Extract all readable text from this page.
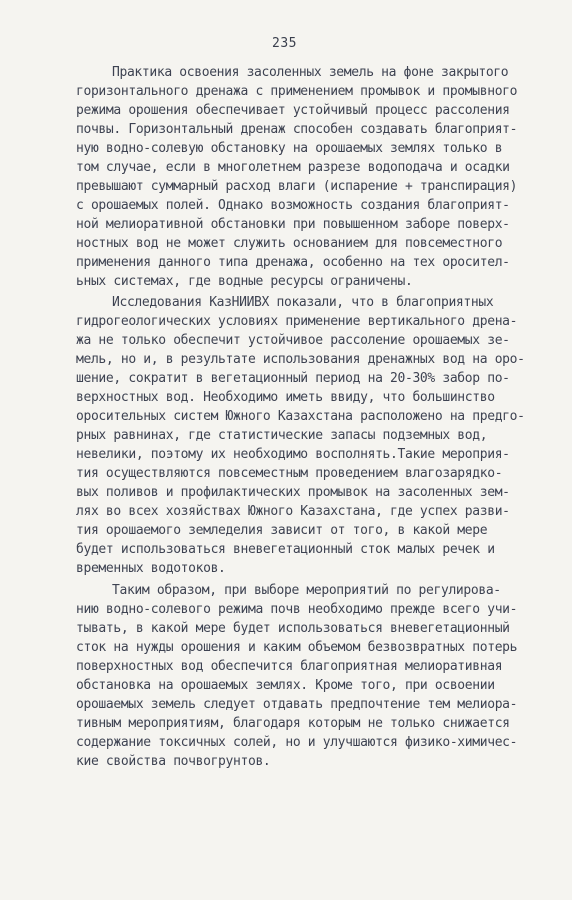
235
Практика освоения засоленных земель на фоне закрытого
горизонтального дренажа с применением промывок и промывного
режима орошения обеспечивает устойчивый процесс рассоления
почвы. Горизонтальный дренаж способен создавать благоприят-
ную водно-солевую обстановку на орошаемых землях только в
том случае, если в многолетнем разрезе водоподача и осадки
превышают суммарный расход влаги (испарение + транспирация)
с орошаемых полей. Однако возможность создания благоприят-
ной мелиоративной обстановки при повышенном заборе поверх-
ностных вод не может служить основанием для повсеместного
применения данного типа дренажа, особенно на тех оросител-
ьных системах, где водные ресурсы ограничены.
Исследования КазНИИВХ показали, что в благоприятных
гидрогеологических условиях применение вертикального дрена-
жа не только обеспечит устойчивое рассоление орошаемых зе-
мель, но и, в результате использования дренажных вод на оро-
шение, сократит в вегетационный период на 20-30% забор по-
верхностных вод. Необходимо иметь ввиду, что большинство
оросительных систем Южного Казахстана расположено на предго-
рных равнинах, где статистические запасы подземных вод,
невелики, поэтому их необходимо восполнять.Такие мероприя-
тия осуществляются повсеместным проведением влагозарядко-
вых поливов и профилактических промывок на засоленных зем-
лях во всех хозяйствах Южного Казахстана, где успех разви-
тия орошаемого земледелия зависит от того, в какой мере
будет использоваться вневегетационный сток малых речек и
временных водотоков.
Таким образом, при выборе мероприятий по регулирова-
нию водно-солевого режима почв необходимо прежде всего учи-
тывать, в какой мере будет использоваться вневегетационный
сток на нужды орошения и каким объемом безвозвратных потерь
поверхностных вод обеспечится благоприятная мелиоративная
обстановка на орошаемых землях. Кроме того, при освоении
орошаемых земель следует отдавать предпочтение тем мелиора-
тивным мероприятиям, благодаря которым не только снижается
содержание токсичных солей, но и улучшаются физико-химичес-
кие свойства почвогрунтов.
